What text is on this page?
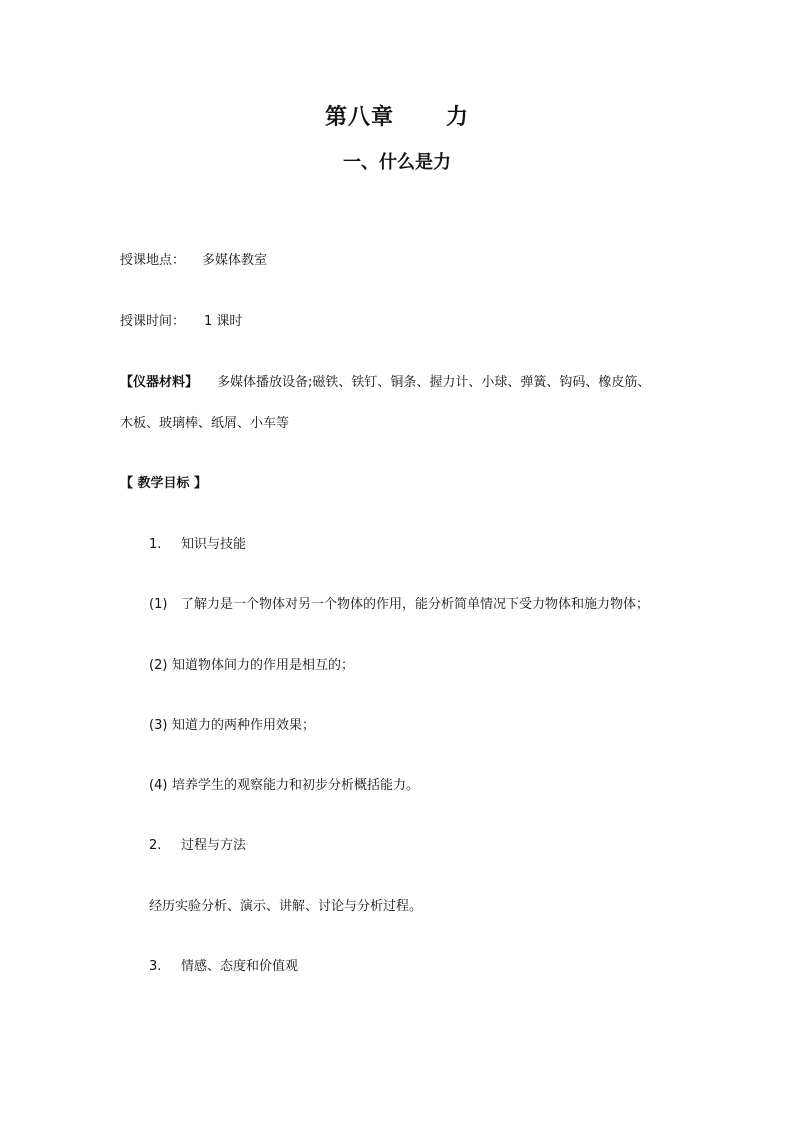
第八章 力
一、什么是力
授课地点： 多媒体教室
授课时间： 1 课时
【仪器材料】 多媒体播放设备;磁铁、铁钉、铜条、握力计、小球、弹簧、钩码、橡皮筋、
木板、玻璃棒、纸屑、小车等
【 教学目标 】
1. 知识与技能
(1) 了解力是一个物体对另一个物体的作用，能分析简单情况下受力物体和施力物体；
(2) 知道物体间力的作用是相互的；
(3) 知道力的两种作用效果；
(4) 培养学生的观察能力和初步分析概括能力。
2. 过程与方法
经历实验分析、演示、讲解、讨论与分析过程。
3. 情感、态度和价值观
